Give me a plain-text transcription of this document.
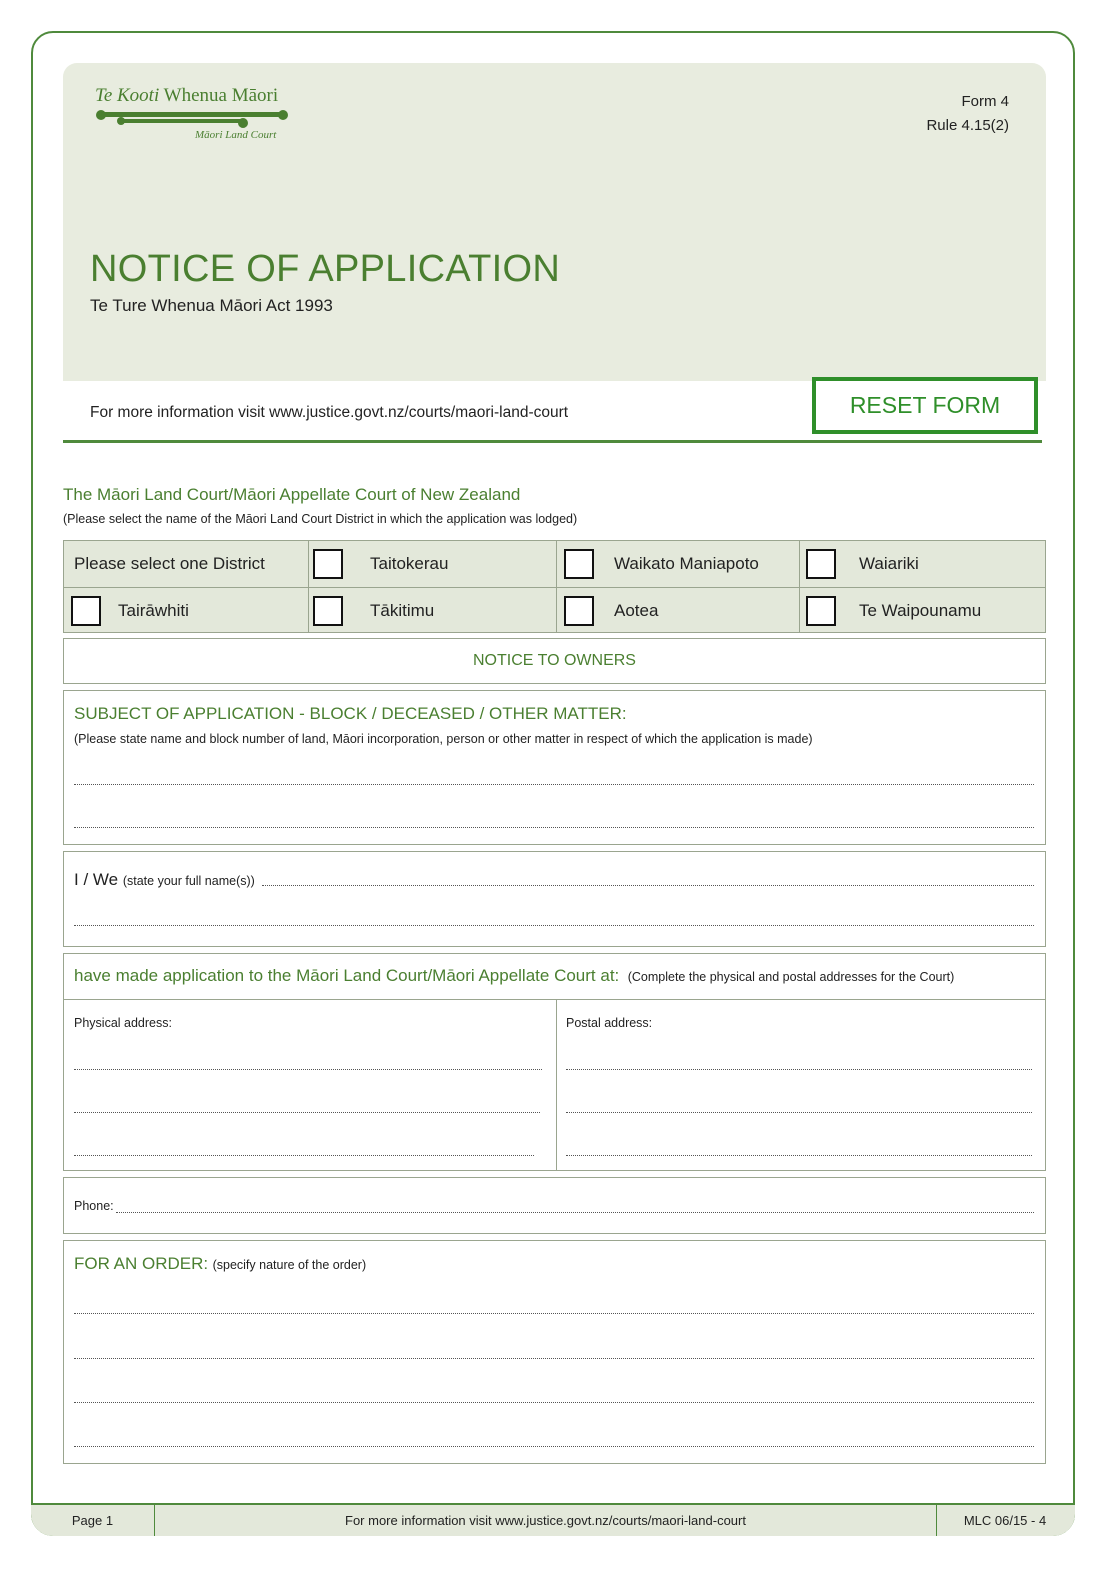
Te Kooti Whenua Māori
Māori Land Court
Form 4
Rule 4.15(2)
NOTICE OF APPLICATION
Te Ture Whenua Māori Act 1993
For more information visit www.justice.govt.nz/courts/maori-land-court	RESET FORM
The Māori Land Court/Māori Appellate Court of New Zealand
(Please select the name of the Māori Land Court District in which the application was lodged)
Please select one District	Taitokerau	Waikato Maniapoto	Waiariki
Tairāwhiti	Tākitimu	Aotea	Te Waipounamu
NOTICE TO OWNERS
SUBJECT OF APPLICATION - BLOCK / DECEASED / OTHER MATTER:
(Please state name and block number of land, Māori incorporation, person or other matter in respect of which the application is made)
I / We (state your full name(s))
have made application to the Māori Land Court/Māori Appellate Court at: (Complete the physical and postal addresses for the Court)
Physical address:	Postal address:
Phone:
FOR AN ORDER: (specify nature of the order)
Page 1	For more information visit www.justice.govt.nz/courts/maori-land-court	MLC 06/15 - 4
